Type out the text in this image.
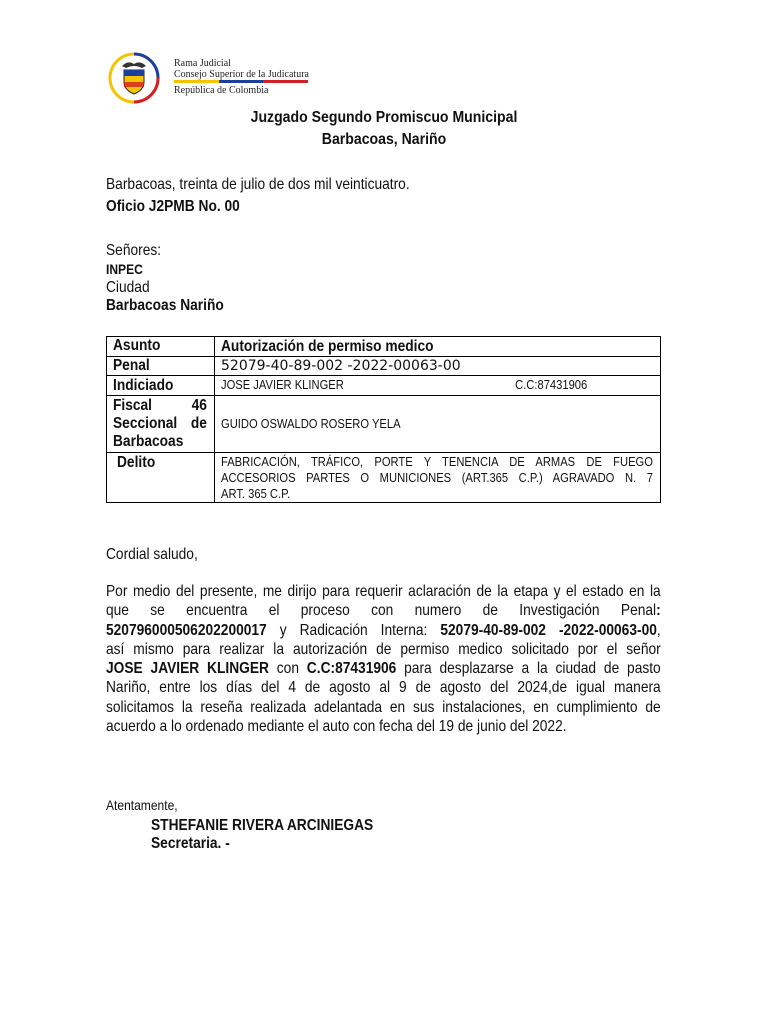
Rama Judicial
Consejo Superior de la Judicatura
República de Colombia
Juzgado Segundo Promiscuo Municipal
Barbacoas, Nariño
Barbacoas, treinta de julio de dos mil veinticuatro.
Oficio J2PMB No. 00
Señores:
INPEC
Ciudad
Barbacoas Nariño
Asunto	Autorización de permiso medico

Penal	52079-40-89-002 -2022-00063-00

Indiciado	JOSE JAVIER KLINGER C.C:87431906

Fiscal 46
Seccional de
Barbacoas	GUIDO OSWALDO ROSERO YELA

Delito	FABRICACIÓN, TRÁFICO, PORTE Y TENENCIA DE ARMAS DE FUEGO
ACCESORIOS PARTES O MUNICIONES (ART.365 C.P.) AGRAVADO N. 7
ART. 365 C.P.
Cordial saludo,
Por medio del presente, me dirijo para requerir aclaración de la etapa y el estado en la
que se encuentra el proceso con numero de Investigación Penal:
520796000506202200017 y Radicación Interna: 52079-40-89-002 -2022-00063-00,
así mismo para realizar la autorización de permiso medico solicitado por el señor
JOSE JAVIER KLINGER con C.C:87431906 para desplazarse a la ciudad de pasto
Nariño, entre los días del 4 de agosto al 9 de agosto del 2024,de igual manera
solicitamos la reseña realizada adelantada en sus instalaciones, en cumplimiento de
acuerdo a lo ordenado mediante el auto con fecha del 19 de junio del 2022.
Atentamente,
STHEFANIE RIVERA ARCINIEGAS
Secretaria. -
